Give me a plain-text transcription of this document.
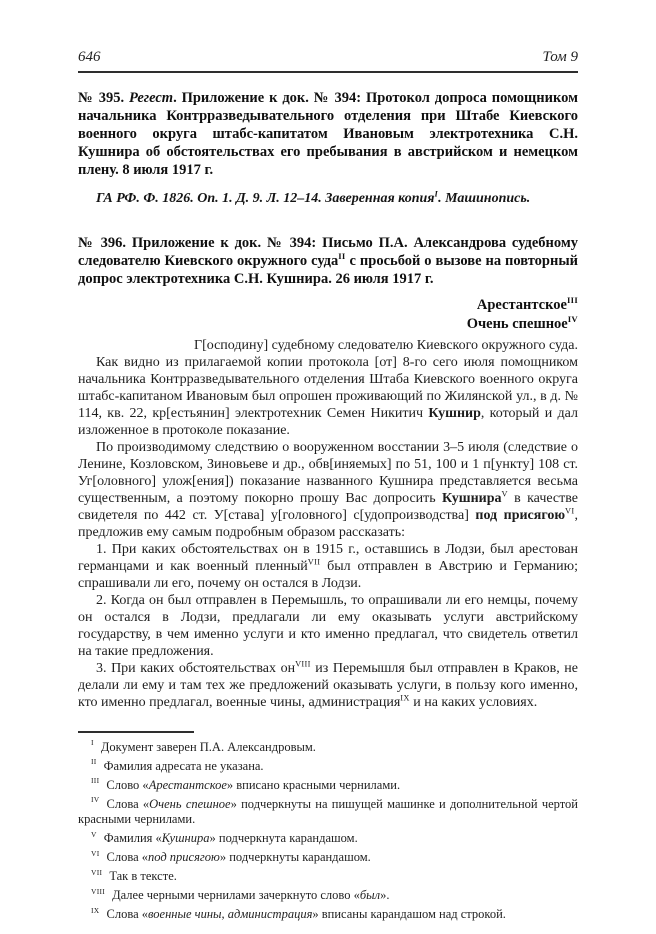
646	Том 9

№ 395. Регест. Приложение к док. № 394: Протокол допроса помощником начальника Контрразведывательного отделения при Штабе Киевского военного округа штабс-капитатом Ивановым электротехника С.Н. Кушнира об обстоятельствах его пребывания в австрийском и немецком плену. 8 июля 1917 г.

ГА РФ. Ф. 1826. Оп. 1. Д. 9. Л. 12–14. Заверенная копия$^I$. Машинопись.

№ 396. Приложение к док. № 394: Письмо П.А. Александрова судебному следователю Киевского окружного суда$^{II}$ с просьбой о вызове на повторный допрос электротехника С.Н. Кушнира. 26 июля 1917 г.

Арестантское$^{III}$

Очень спешное$^{IV}$

Г[осподину] судебному следователю Киевского окружного суда.

Как видно из прилагаемой копии протокола [от] 8-го сего июля помощником начальника Контрразведывательного отделения Штаба Киевского военного округа штабс-капитаном Ивановым был опрошен проживающий по Жилянской ул., в д. № 114, кв. 22, кр[естьянин] электротехник Семен Никитич Кушнир, который и дал изложенное в протоколе показание.

По производимому следствию о вооруженном восстании 3–5 июля (следствие о Ленине, Козловском, Зиновьеве и др., обв[иняемых] по 51, 100 и 1 п[ункту] 108 ст. Уг[оловного] улож[ения]) показание названного Кушнира представляется весьма существенным, а поэтому покорно прошу Вас допросить Кушнира$^V$ в качестве свидетеля по 442 ст. У[става] у[головного] с[удопроизводства] под присягою$^{VI}$, предложив ему самым подробным образом рассказать:

1. При каких обстоятельствах он в 1915 г., оставшись в Лодзи, был арестован германцами и как военный пленный$^{VII}$ был отправлен в Австрию и Германию; спрашивали ли его, почему он остался в Лодзи.

2. Когда он был отправлен в Перемышль, то опрашивали ли его немцы, почему он остался в Лодзи, предлагали ли ему оказывать услуги австрийскому государству, в чем именно услуги и кто именно предлагал, что свидетель ответил на такие предложения.

3. При каких обстоятельствах он$^{VIII}$ из Перемышля был отправлен в Краков, не делали ли ему и там тех же предложений оказывать услуги, в пользу кого именно, кто именно предлагал, военные чины, администрация$^{IX}$ и на каких условиях.

$^I$ Документ заверен П.А. Александровым.

$^{II}$ Фамилия адресата не указана.

$^{III}$ Слово «Арестантское» вписано красными чернилами.

$^{IV}$ Слова «Очень спешное» подчеркнуты на пишущей машинке и дополнительной чертой красными чернилами.

$^V$ Фамилия «Кушнира» подчеркнута карандашом.

$^{VI}$ Слова «под присягою» подчеркнуты карандашом.

$^{VII}$ Так в тексте.

$^{VIII}$ Далее черными чернилами зачеркнуто слово «был».

$^{IX}$ Слова «военные чины, администрация» вписаны карандашом над строкой.
